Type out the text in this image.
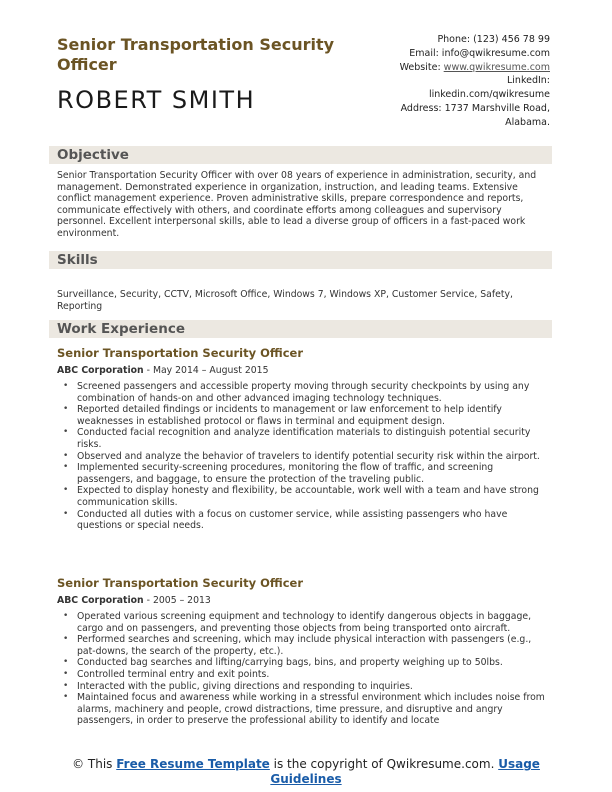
Senior Transportation Security Officer
ROBERT SMITH
Phone: (123) 456 78 99
Email: info@qwikresume.com
Website: www.qwikresume.com
LinkedIn:
linkedin.com/qwikresume
Address: 1737 Marshville Road,
Alabama.
Objective
Senior Transportation Security Officer with over 08 years of experience in administration, security, and management. Demonstrated experience in organization, instruction, and leading teams. Extensive conflict management experience. Proven administrative skills, prepare correspondence and reports, communicate effectively with others, and coordinate efforts among colleagues and supervisory personnel. Excellent interpersonal skills, able to lead a diverse group of officers in a fast-paced work environment.
Skills
Surveillance, Security, CCTV, Microsoft Office, Windows 7, Windows XP, Customer Service, Safety, Reporting
Work Experience
Senior Transportation Security Officer
ABC Corporation - May 2014 – August 2015
• Screened passengers and accessible property moving through security checkpoints by using any combination of hands-on and other advanced imaging technology techniques.
• Reported detailed findings or incidents to management or law enforcement to help identify weaknesses in established protocol or flaws in terminal and equipment design.
• Conducted facial recognition and analyze identification materials to distinguish potential security risks.
• Observed and analyze the behavior of travelers to identify potential security risk within the airport.
• Implemented security-screening procedures, monitoring the flow of traffic, and screening passengers, and baggage, to ensure the protection of the traveling public.
• Expected to display honesty and flexibility, be accountable, work well with a team and have strong communication skills.
• Conducted all duties with a focus on customer service, while assisting passengers who have questions or special needs.
Senior Transportation Security Officer
ABC Corporation - 2005 – 2013
• Operated various screening equipment and technology to identify dangerous objects in baggage, cargo and on passengers, and preventing those objects from being transported onto aircraft.
• Performed searches and screening, which may include physical interaction with passengers (e.g., pat-downs, the search of the property, etc.).
• Conducted bag searches and lifting/carrying bags, bins, and property weighing up to 50lbs.
• Controlled terminal entry and exit points.
• Interacted with the public, giving directions and responding to inquiries.
• Maintained focus and awareness while working in a stressful environment which includes noise from alarms, machinery and people, crowd distractions, time pressure, and disruptive and angry passengers, in order to preserve the professional ability to identify and locate
© This Free Resume Template is the copyright of Qwikresume.com. Usage
Guidelines
